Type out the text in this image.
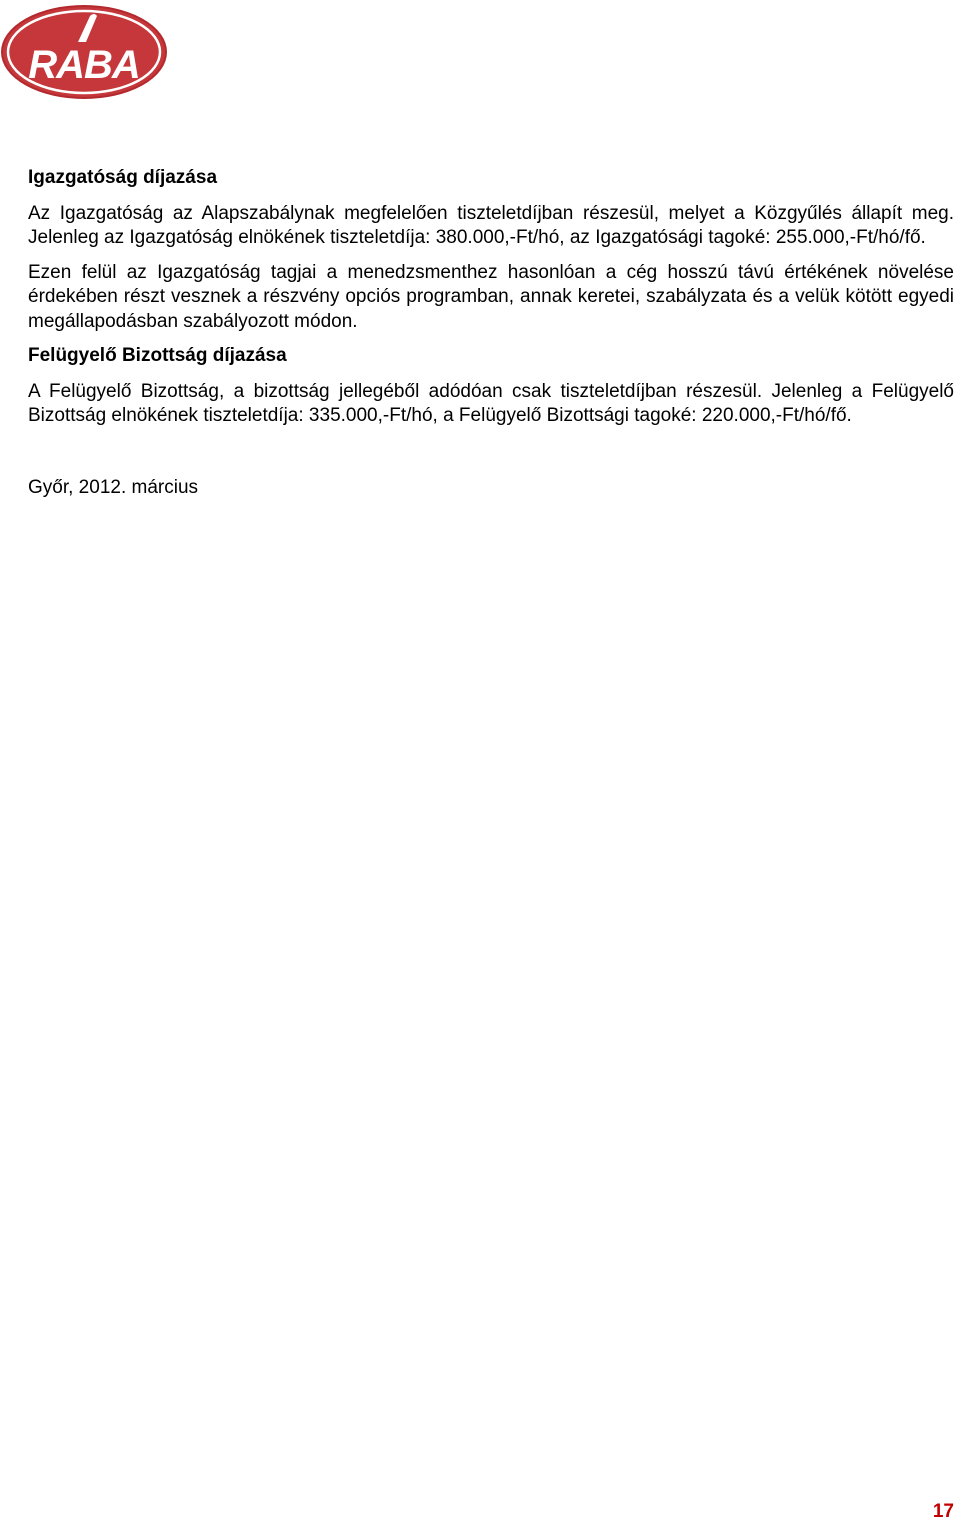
RABA

Igazgatóság díjazása

Az Igazgatóság az Alapszabálynak megfelelően tiszteletdíjban részesül, melyet a Közgyűlés állapít meg. Jelenleg az Igazgatóság elnökének tiszteletdíja: 380.000,-Ft/hó, az Igazgatósági tagoké: 255.000,-Ft/hó/fő.

Ezen felül az Igazgatóság tagjai a menedzsmenthez hasonlóan a cég hosszú távú értékének növelése érdekében részt vesznek a részvény opciós programban, annak keretei, szabályzata és a velük kötött egyedi megállapodásban szabályozott módon.

Felügyelő Bizottság díjazása

A Felügyelő Bizottság, a bizottság jellegéből adódóan csak tiszteletdíjban részesül. Jelenleg a Felügyelő Bizottság elnökének tiszteletdíja: 335.000,-Ft/hó, a Felügyelő Bizottsági tagoké: 220.000,-Ft/hó/fő.

Győr, 2012. március

17
